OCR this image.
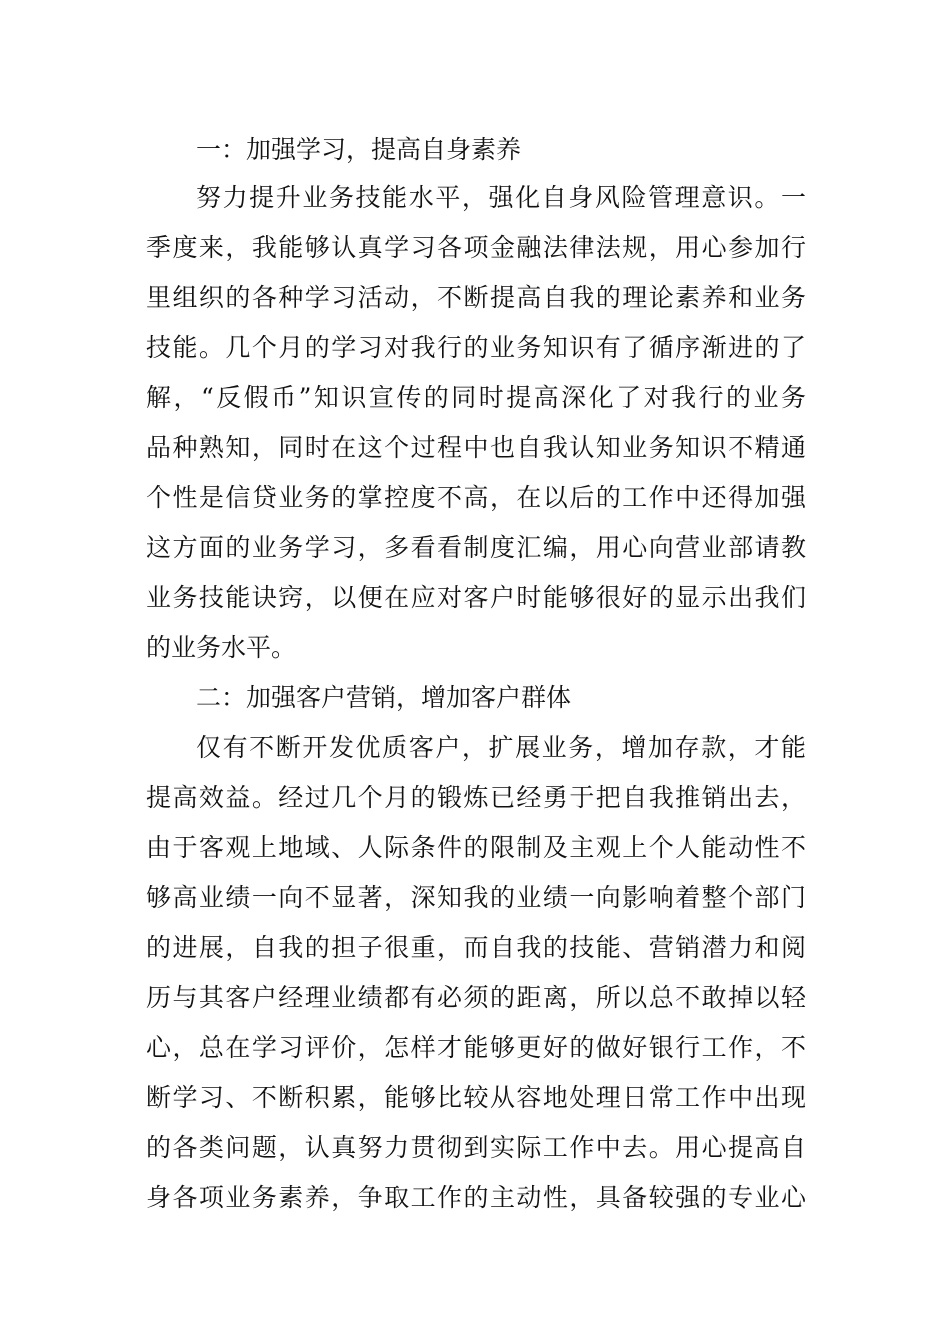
一：加强学习，提高自身素养
努力提升业务技能水平，强化自身风险管理意识。一
季度来，我能够认真学习各项金融法律法规，用心参加行
里组织的各种学习活动，不断提高自我的理论素养和业务
技能。几个月的学习对我行的业务知识有了循序渐进的了
解，“反假币”知识宣传的同时提高深化了对我行的业务
品种熟知，同时在这个过程中也自我认知业务知识不精通
个性是信贷业务的掌控度不高，在以后的工作中还得加强
这方面的业务学习，多看看制度汇编，用心向营业部请教
业务技能诀窍，以便在应对客户时能够很好的显示出我们
的业务水平。
二：加强客户营销，增加客户群体
仅有不断开发优质客户，扩展业务，增加存款，才能
提高效益。经过几个月的锻炼已经勇于把自我推销出去，
由于客观上地域、人际条件的限制及主观上个人能动性不
够高业绩一向不显著，深知我的业绩一向影响着整个部门
的进展，自我的担子很重，而自我的技能、营销潜力和阅
历与其客户经理业绩都有必须的距离，所以总不敢掉以轻
心，总在学习评价，怎样才能够更好的做好银行工作，不
断学习、不断积累，能够比较从容地处理日常工作中出现
的各类问题，认真努力贯彻到实际工作中去。用心提高自
身各项业务素养，争取工作的主动性，具备较强的专业心
